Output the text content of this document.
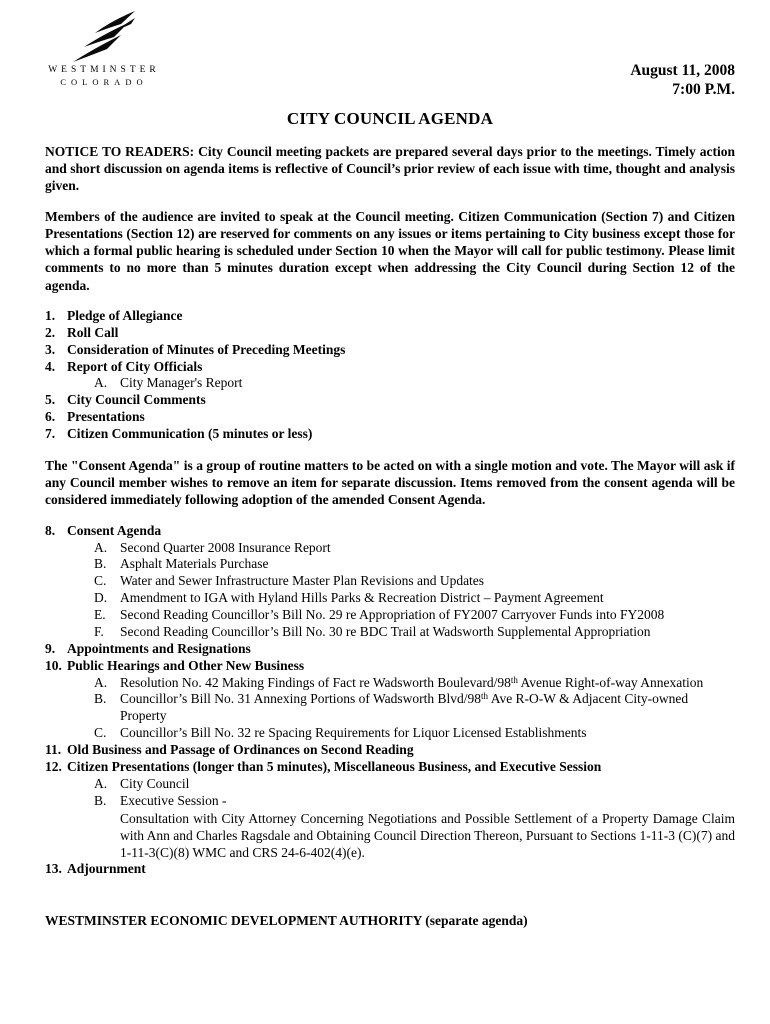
WESTMINSTER
COLORADO
August 11, 2008
7:00 P.M.
CITY COUNCIL AGENDA

NOTICE TO READERS: City Council meeting packets are prepared several days prior to the meetings. Timely action and short discussion on agenda items is reflective of Council’s prior review of each issue with time, thought and analysis given.

Members of the audience are invited to speak at the Council meeting. Citizen Communication (Section 7) and Citizen Presentations (Section 12) are reserved for comments on any issues or items pertaining to City business except those for which a formal public hearing is scheduled under Section 10 when the Mayor will call for public testimony. Please limit comments to no more than 5 minutes duration except when addressing the City Council during Section 12 of the agenda.

1. Pledge of Allegiance
2. Roll Call
3. Consideration of Minutes of Preceding Meetings
4. Report of City Officials
A. City Manager's Report
5. City Council Comments
6. Presentations
7. Citizen Communication (5 minutes or less)

The "Consent Agenda" is a group of routine matters to be acted on with a single motion and vote. The Mayor will ask if any Council member wishes to remove an item for separate discussion. Items removed from the consent agenda will be considered immediately following adoption of the amended Consent Agenda.

8. Consent Agenda
A. Second Quarter 2008 Insurance Report
B.	Asphalt Materials Purchase
C.	Water and Sewer Infrastructure Master Plan Revisions and Updates
D. Amendment to IGA with Hyland Hills Parks & Recreation District – Payment Agreement
E.	Second Reading Councillor’s Bill No. 29 re Appropriation of FY2007 Carryover Funds into FY2008
F.	Second Reading Councillor’s Bill No. 30 re BDC Trail at Wadsworth Supplemental Appropriation
9. Appointments and Resignations
10. Public Hearings and Other New Business
A. Resolution No. 42 Making Findings of Fact re Wadsworth Boulevard/98th Avenue Right-of-way Annexation
B.	Councillor’s Bill No. 31 Annexing Portions of Wadsworth Blvd/98th Ave R-O-W & Adjacent City-owned Property
C.	Councillor’s Bill No. 32 re Spacing Requirements for Liquor Licensed Establishments
11. Old Business and Passage of Ordinances on Second Reading
12. Citizen Presentations (longer than 5 minutes), Miscellaneous Business, and Executive Session
A. City Council
B.	Executive Session -
Consultation with City Attorney Concerning Negotiations and Possible Settlement of a Property Damage Claim with Ann and Charles Ragsdale and Obtaining Council Direction Thereon, Pursuant to Sections 1-11-3 (C)(7) and 1-11-3(C)(8) WMC and CRS 24-6-402(4)(e).
13. Adjournment
WESTMINSTER ECONOMIC DEVELOPMENT AUTHORITY (separate agenda)
